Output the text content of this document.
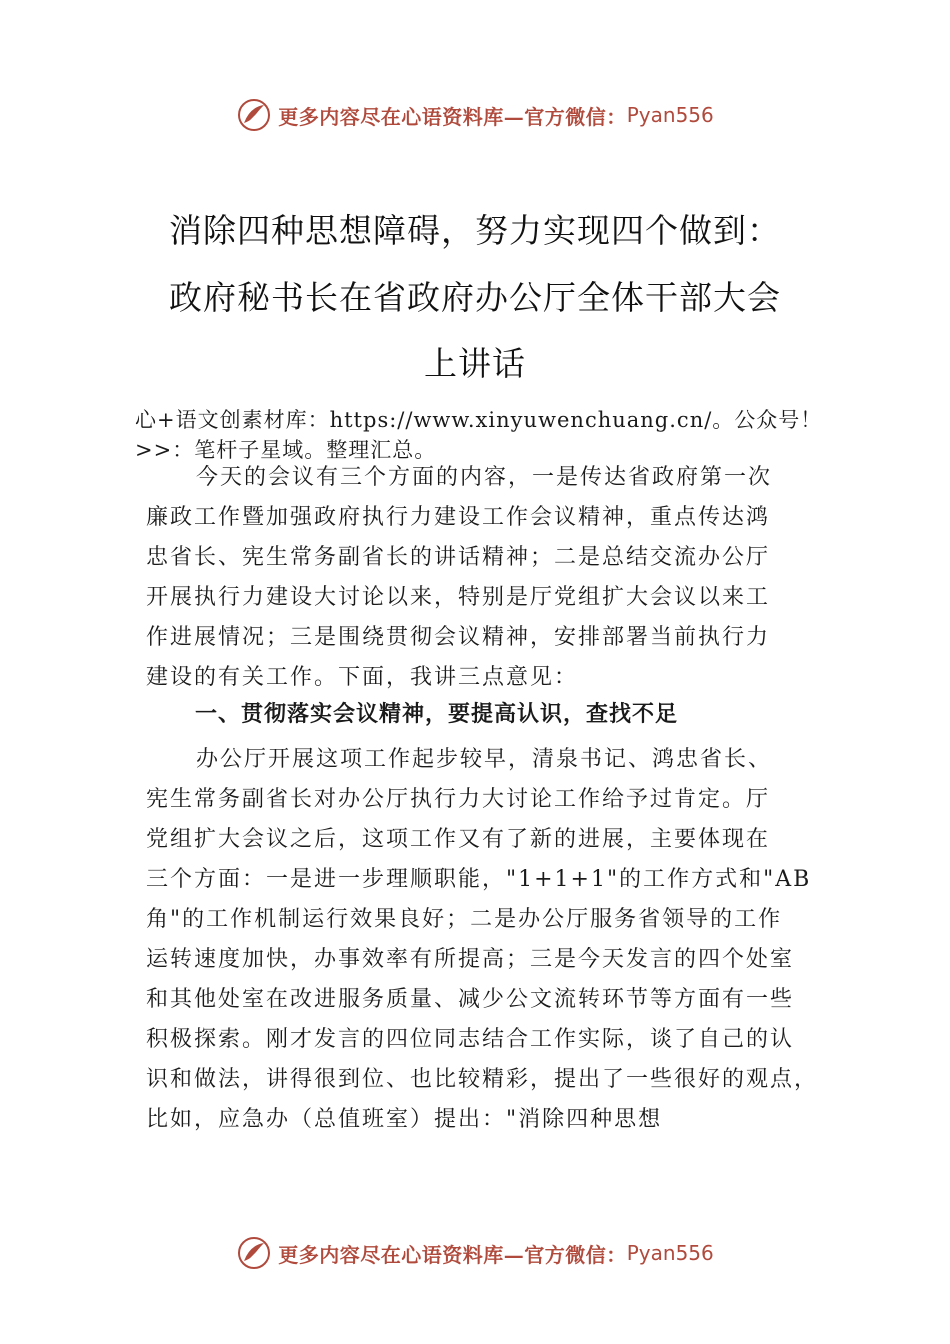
更多内容尽在心语资料库—官方微信： Pyan556
消除四种思想障碍，努力实现四个做到：
政府秘书长在省政府办公厅全体干部大会
上讲话
心+语文创素材库：https://www.xinyuwenchuang.cn/。公众号！
>>：笔杆子星域。整理汇总。
今天的会议有三个方面的内容，一是传达省政府第一次
廉政工作暨加强政府执行力建设工作会议精神，重点传达鸿
忠省长、宪生常务副省长的讲话精神；二是总结交流办公厅
开展执行力建设大讨论以来，特别是厅党组扩大会议以来工
作进展情况；三是围绕贯彻会议精神，安排部署当前执行力
建设的有关工作。下面，我讲三点意见：
一、贯彻落实会议精神，要提高认识，查找不足
办公厅开展这项工作起步较早，清泉书记、鸿忠省长、
宪生常务副省长对办公厅执行力大讨论工作给予过肯定。厅
党组扩大会议之后，这项工作又有了新的进展，主要体现在
三个方面：一是进一步理顺职能，"1+1+1"的工作方式和"AB
角"的工作机制运行效果良好；二是办公厅服务省领导的工作
运转速度加快，办事效率有所提高；三是今天发言的四个处室
和其他处室在改进服务质量、减少公文流转环节等方面有一些
积极探索。刚才发言的四位同志结合工作实际，谈了自己的认
识和做法，讲得很到位、也比较精彩，提出了一些很好的观点，
比如，应急办（总值班室）提出："消除四种思想
更多内容尽在心语资料库—官方微信： Pyan556
